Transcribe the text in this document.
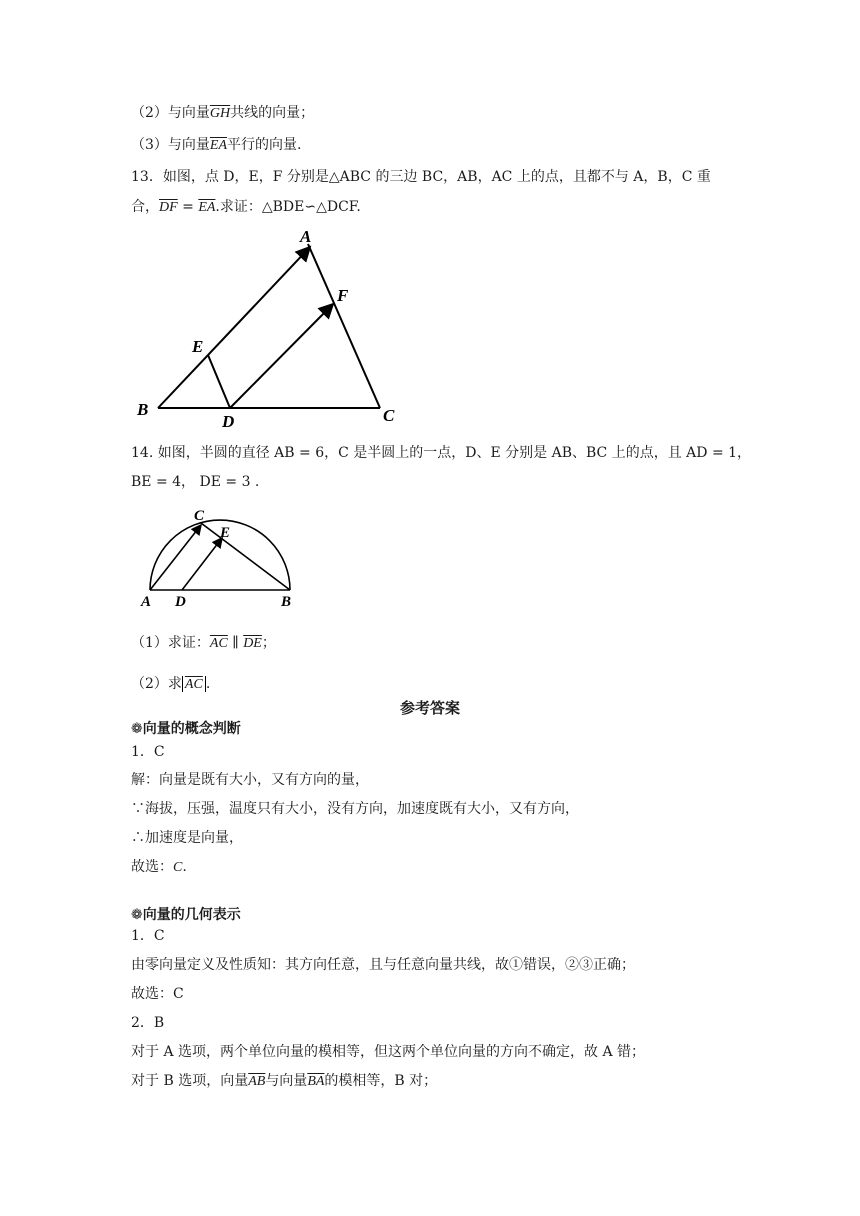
（2）与向量$\overline{GH}$共线的向量；
（3）与向量$\overline{EA}$平行的向量.
13．如图，点 D，E，F 分别是△ABC 的三边 BC，AB，AC 上的点，且都不与 A，B，C 重
合，$\overline{DF} = \overline{EA}$.求证：△BDE∽△DCF.
A
B	C
D
E
F
14. 如图，半圆的直径 AB = 6，C 是半圆上的一点，D、E 分别是 AB、BC 上的点，且 AD = 1，
BE = 4， DE = 3 .
A D	B
C
E
（1）求证：$\overline{AC}$ ∥ $\overline{DE}$；
（2）求 $\overline{AC}$ .
参考答案
❁向量的概念判断
1．C
解：向量是既有大小，又有方向的量，
∵海拔，压强，温度只有大小，没有方向，加速度既有大小，又有方向，
∴加速度是向量，
故选：C.
❁向量的几何表示
1．C
由零向量定义及性质知：其方向任意，且与任意向量共线，故①错误，②③正确；
故选：C
2．B
对于 A 选项，两个单位向量的模相等，但这两个单位向量的方向不确定，故 A 错；
对于 B 选项，向量$\overline{AB}$与向量$\overline{BA}$的模相等，B 对；
